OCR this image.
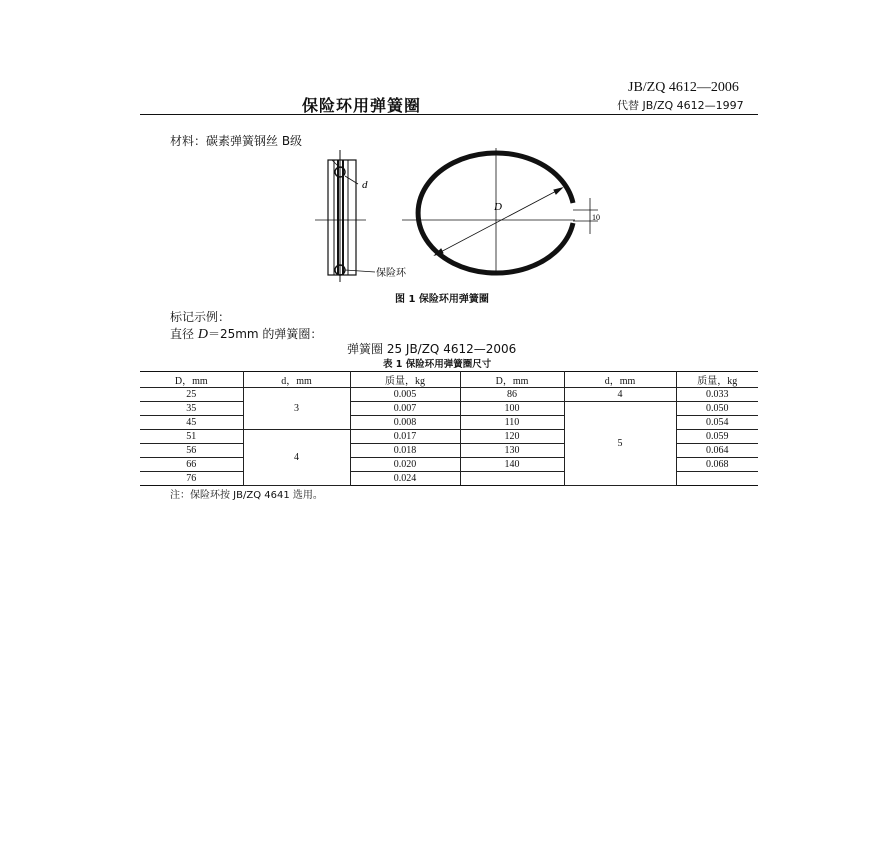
JB/ZQ 4612—2006
保险环用弹簧圈	代替 JB/ZQ 4612—1997
材料：碳素弹簧钢丝 B级
d
保险环
D
10
图 1 保险环用弹簧圈
标记示例：
直径 D＝25mm 的弹簧圈：
弹簧圈 25 JB/ZQ 4612—2006
表 1 保险环用弹簧圈尺寸
D，mm	d，mm	质量，kg	D，mm	d，mm	质量，kg
25	3	0.005	86	4	0.033
35		0.007	100	5	0.050
45		0.008	110		0.054
51	4	0.017	120		0.059
56		0.018	130		0.064
66		0.020	140		0.068
76		0.024			
注：保险环按 JB/ZQ 4641 选用。
